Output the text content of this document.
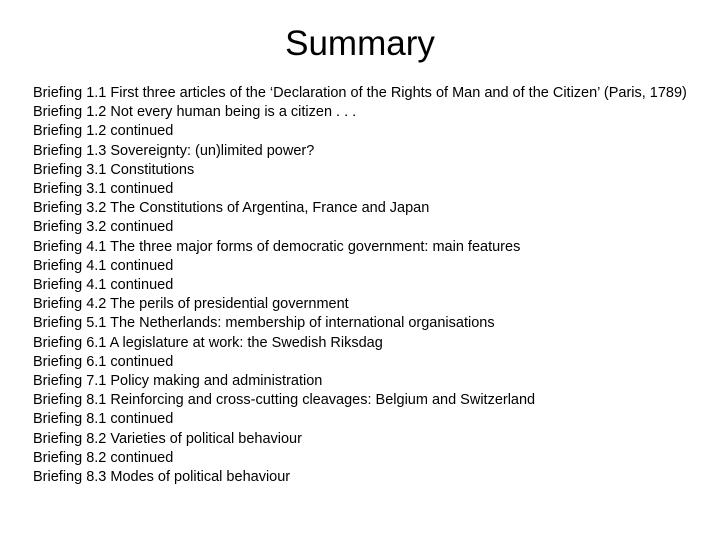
Summary
Briefing 1.1 First three articles of the ‘Declaration of the Rights of Man and of the Citizen’ (Paris, 1789)
Briefing 1.2 Not every human being is a citizen . . .
Briefing 1.2 continued
Briefing 1.3 Sovereignty: (un)limited power?
Briefing 3.1 Constitutions
Briefing 3.1 continued
Briefing 3.2 The Constitutions of Argentina, France and Japan
Briefing 3.2 continued
Briefing 4.1 The three major forms of democratic government: main features
Briefing 4.1 continued
Briefing 4.1 continued
Briefing 4.2 The perils of presidential government
Briefing 5.1 The Netherlands: membership of international organisations
Briefing 6.1 A legislature at work: the Swedish Riksdag
Briefing 6.1 continued
Briefing 7.1 Policy making and administration
Briefing 8.1 Reinforcing and cross-cutting cleavages: Belgium and Switzerland
Briefing 8.1 continued
Briefing 8.2 Varieties of political behaviour
Briefing 8.2 continued
Briefing 8.3 Modes of political behaviour
